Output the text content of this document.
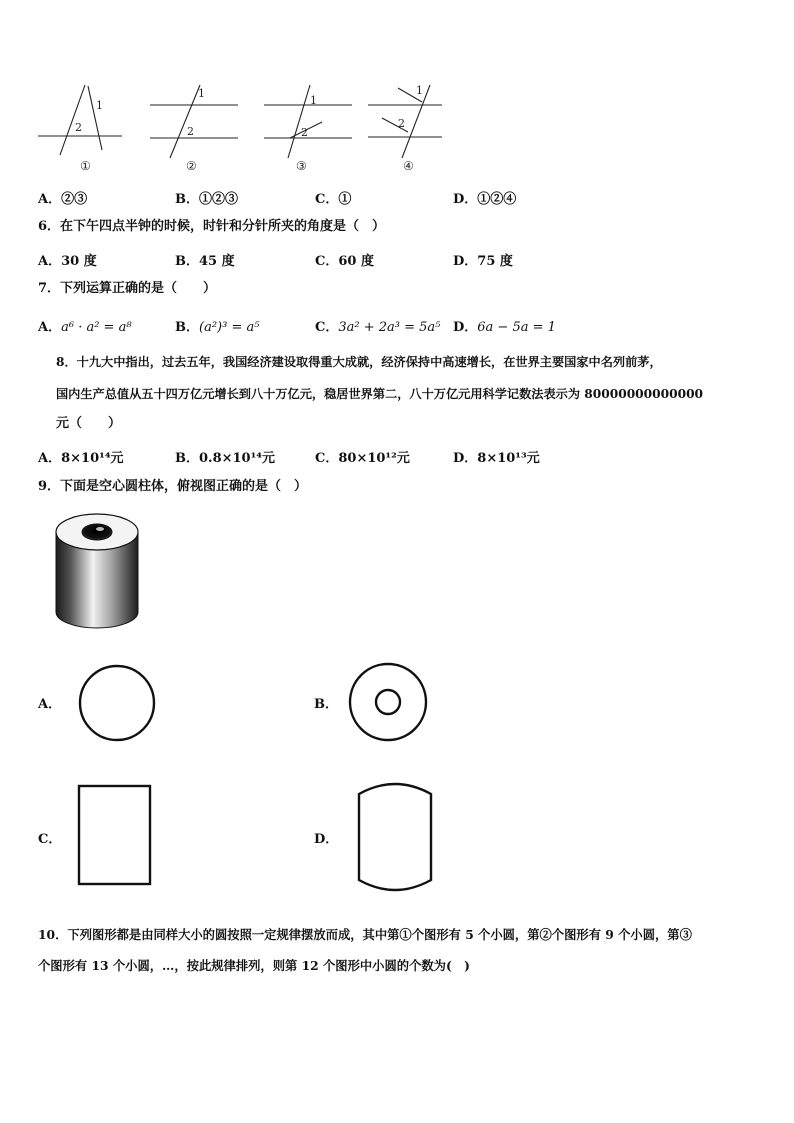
1
2
1
2
1
2
1
2
①	②	③	④
A．②③	B．①②③	C．①	D．①②④
6．在下午四点半钟的时候，时针和分针所夹的角度是（　）
A．30 度	B．45 度	C．60 度	D．75 度
7．下列运算正确的是（　　）
A．a⁶ · a² = a⁸	B．(a²)³ = a⁵	C．3a² + 2a³ = 5a⁵ D．6a − 5a = 1
8．十九大中指出，过去五年，我国经济建设取得重大成就，经济保持中高速增长，在世界主要国家中名列前茅，
国内生产总值从五十四万亿元增长到八十万亿元，稳居世界第二，八十万亿元用科学记数法表示为 80000000000000
元（　　）
A．8×10¹⁴元	B．0.8×10¹⁴元	C．80×10¹²元	D．8×10¹³元
9．下面是空心圆柱体，俯视图正确的是（　）
A．	B．
C．	D．
10．下列图形都是由同样大小的圆按照一定规律摆放而成，其中第①个图形有 5 个小圆，第②个图形有 9 个小圆，第③
个图形有 13 个小圆，…，按此规律排列，则第 12 个图形中小圆的个数为(　)
